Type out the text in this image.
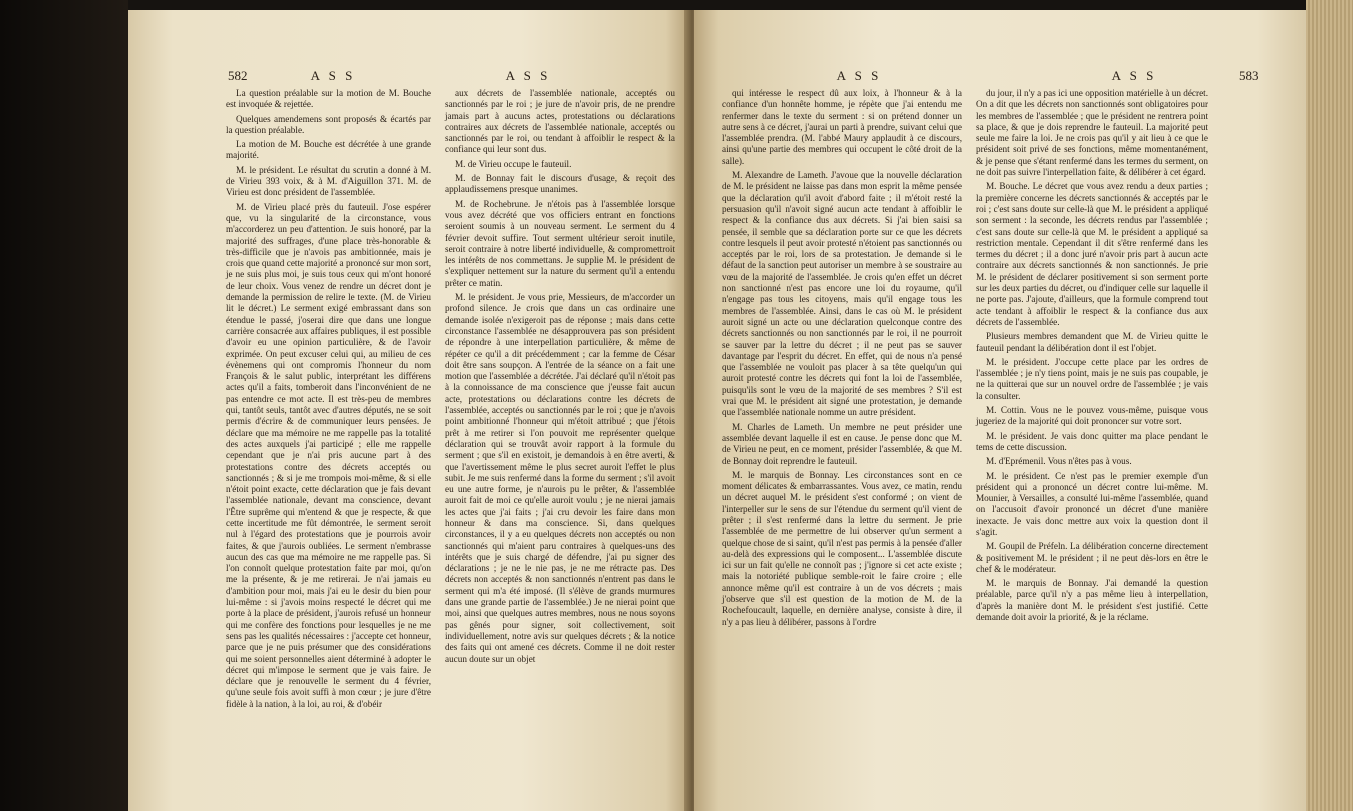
582	A S S	A S S

La question préalable sur la motion de M. Bouche est invoquée & rejettée.

Quelques amendemens sont proposés & écartés par la question préalable.

La motion de M. Bouche est décrétée à une grande majorité.

M. le président. Le résultat du scrutin a donné à M. de Virieu 393 voix, & à M. d'Aiguillon 371. M. de Virieu est donc président de l'assemblée.

M. de Virieu placé près du fauteuil. J'ose espérer que, vu la singularité de la circonstance, vous m'accorderez un peu d'attention. Je suis honoré, par la majorité des suffrages, d'une place très-honorable & très-difficile que je n'avois pas ambitionnée, mais je crois que quand cette majorité a prononcé sur mon sort, je ne suis plus moi, je suis tous ceux qui m'ont honoré de leur choix. Vous venez de rendre un décret dont je demande la permission de relire le texte. (M. de Virieu lit le décret.) Le serment exigé embrassant dans son étendue le passé, j'oserai dire que dans une longue carrière consacrée aux affaires publiques, il est possible d'avoir eu une opinion particulière, & de l'avoir exprimée. On peut excuser celui qui, au milieu de ces évènemens qui ont compromis l'honneur du nom François & le salut public, interprétant les différens actes qu'il a faits, tomberoit dans l'inconvénient de ne pas entendre ce mot acte. Il est très-peu de membres qui, tantôt seuls, tantôt avec d'autres députés, ne se soit permis d'écrire & de communiquer leurs pensées. Je déclare que ma mémoire ne me rappelle pas la totalité des actes auxquels j'ai participé ; elle me rappelle cependant que je n'ai pris aucune part à des protestations contre des décrets acceptés ou sanctionnés ; & si je me trompois moi-même, & si elle n'étoit point exacte, cette déclaration que je fais devant l'assemblée nationale, devant ma conscience, devant l'Être suprême qui m'entend & que je respecte, & que cette incertitude me fût démontrée, le serment seroit nul à l'égard des protestations que je pourrois avoir faites, & que j'aurois oubliées. Le serment n'embrasse aucun des cas que ma mémoire ne me rappelle pas. Si l'on connoît quelque protestation faite par moi, qu'on me la présente, & je me retirerai. Je n'ai jamais eu d'ambition pour moi, mais j'ai eu le desir du bien pour lui-même : si j'avois moins respecté le décret qui me porte à la place de président, j'aurois refusé un honneur qui me confère des fonctions pour lesquelles je ne me sens pas les qualités nécessaires : j'accepte cet honneur, parce que je ne puis présumer que des considérations qui me soient personnelles aient déterminé à adopter le décret qui m'impose le serment que je vais faire. Je déclare que je renouvelle le serment du 4 février, qu'une seule fois avoit suffi à mon cœur ; je jure d'être fidèle à la nation, à la loi, au roi, & d'obéir

aux décrets de l'assemblée nationale, acceptés ou sanctionnés par le roi ; je jure de n'avoir pris, de ne prendre jamais part à aucuns actes, protestations ou déclarations contraires aux décrets de l'assemblée nationale, acceptés ou sanctionnés par le roi, ou tendant à affoiblir le respect & la confiance qui leur sont dus.

M. de Virieu occupe le fauteuil.

M. de Bonnay fait le discours d'usage, & reçoit des applaudissemens presque unanimes.

M. de Rochebrune. Je n'étois pas à l'assemblée lorsque vous avez décrété que vos officiers entrant en fonctions seroient soumis à un nouveau serment. Le serment du 4 février devoit suffire. Tout serment ultérieur seroit inutile, seroit contraire à notre liberté individuelle, & compromettroit les intérêts de nos commettans. Je supplie M. le président de s'expliquer nettement sur la nature du serment qu'il a entendu prêter ce matin.

M. le président. Je vous prie, Messieurs, de m'accorder un profond silence. Je crois que dans un cas ordinaire une demande isolée n'exigeroit pas de réponse ; mais dans cette circonstance l'assemblée ne désapprouvera pas son président de répondre à une interpellation particulière, & même de répéter ce qu'il a dit précédemment ; car la femme de César doit être sans soupçon. A l'entrée de la séance on a fait une motion que l'assemblée a décrétée. J'ai déclaré qu'il n'étoit pas à la connoissance de ma conscience que j'eusse fait aucun acte, protestations ou déclarations contre les décrets de l'assemblée, acceptés ou sanctionnés par le roi ; que je n'avois point ambitionné l'honneur qui m'étoit attribué ; que j'étois prêt à me retirer si l'on pouvoit me représenter quelque déclaration qui se trouvât avoir rapport à la formule du serment ; que s'il en existoit, je demandois à en être averti, & que l'avertissement même le plus secret auroit l'effet le plus subit. Je me suis renfermé dans la forme du serment ; s'il avoit eu une autre forme, je n'aurois pu le prêter, & l'assemblée auroit fait de moi ce qu'elle auroit voulu ; je ne nierai jamais les actes que j'ai faits ; j'ai cru devoir les faire dans mon honneur & dans ma conscience. Si, dans quelques circonstances, il y a eu quelques décrets non acceptés ou non sanctionnés qui m'aient paru contraires à quelques-uns des intérêts que je suis chargé de défendre, j'ai pu signer des déclarations ; je ne le nie pas, je ne me rétracte pas. Des décrets non acceptés & non sanctionnés n'entrent pas dans le serment qui m'a été imposé. (Il s'élève de grands murmures dans une grande partie de l'assemblée.) Je ne nierai point que moi, ainsi que quelques autres membres, nous ne nous soyons pas gênés pour signer, soit collectivement, soit individuellement, notre avis sur quelques décrets ; & la notice des faits qui ont amené ces décrets. Comme il ne doit rester aucun doute sur un objet

A S S	A S S	583

qui intéresse le respect dû aux loix, à l'honneur & à la confiance d'un honnête homme, je répète que j'ai entendu me renfermer dans le texte du serment : si on prétend donner un autre sens à ce décret, j'aurai un parti à prendre, suivant celui que l'assemblée prendra. (M. l'abbé Maury applaudit à ce discours, ainsi qu'une partie des membres qui occupent le côté droit de la salle).

M. Alexandre de Lameth. J'avoue que la nouvelle déclaration de M. le président ne laisse pas dans mon esprit la même pensée que la déclaration qu'il avoit d'abord faite ; il m'étoit resté la persuasion qu'il n'avoit signé aucun acte tendant à affoiblir le respect & la confiance dus aux décrets. Si j'ai bien saisi sa pensée, il semble que sa déclaration porte sur ce que les décrets contre lesquels il peut avoir protesté n'étoient pas sanctionnés ou acceptés par le roi, lors de sa protestation. Je demande si le défaut de la sanction peut autoriser un membre à se soustraire au vœu de la majorité de l'assemblée. Je crois qu'en effet un décret non sanctionné n'est pas encore une loi du royaume, qu'il n'engage pas tous les citoyens, mais qu'il engage tous les membres de l'assemblée. Ainsi, dans le cas où M. le président auroit signé un acte ou une déclaration quelconque contre des décrets sanctionnés ou non sanctionnés par le roi, il ne pourroit se sauver par la lettre du décret ; il ne peut pas se sauver davantage par l'esprit du décret. En effet, qui de nous n'a pensé que l'assemblée ne vouloit pas placer à sa tête quelqu'un qui auroit protesté contre les décrets qui font la loi de l'assemblée, puisqu'ils sont le vœu de la majorité de ses membres ? S'il est vrai que M. le président ait signé une protestation, je demande que l'assemblée nationale nomme un autre président.

M. Charles de Lameth. Un membre ne peut présider une assemblée devant laquelle il est en cause. Je pense donc que M. de Virieu ne peut, en ce moment, présider l'assemblée, & que M. de Bonnay doit reprendre le fauteuil.

M. le marquis de Bonnay. Les circonstances sont en ce moment délicates & embarrassantes. Vous avez, ce matin, rendu un décret auquel M. le président s'est conformé ; on vient de l'interpeller sur le sens de sur l'étendue du serment qu'il vient de prêter ; il s'est renfermé dans la lettre du serment. Je prie l'assemblée de me permettre de lui observer qu'un serment a quelque chose de si saint, qu'il n'est pas permis à la pensée d'aller au-delà des expressions qui le composent... L'assemblée discute ici sur un fait qu'elle ne connoît pas ; j'ignore si cet acte existe ; mais la notoriété publique semble-roit le faire croire ; elle annonce même qu'il est contraire à un de vos décrets ; mais j'observe que s'il est question de la motion de M. de la Rochefoucault, laquelle, en dernière analyse, consiste à dire, il n'y a pas lieu à délibérer, passons à l'ordre

du jour, il n'y a pas ici une opposition matérielle à un décret. On a dit que les décrets non sanctionnés sont obligatoires pour les membres de l'assemblée ; que le président ne rentrera point sa place, & que je dois reprendre le fauteuil. La majorité peut seule me faire la loi. Je ne crois pas qu'il y ait lieu à ce que le président soit privé de ses fonctions, même momentanément, & je pense que s'étant renfermé dans les termes du serment, on ne doit pas suivre l'interpellation faite, & délibérer à cet égard.

M. Bouche. Le décret que vous avez rendu a deux parties ; la première concerne les décrets sanctionnés & acceptés par le roi ; c'est sans doute sur celle-là que M. le président a appliqué son serment : la seconde, les décrets rendus par l'assemblée ; c'est sans doute sur celle-là que M. le président a appliqué sa restriction mentale. Cependant il dit s'être renfermé dans les termes du décret ; il a donc juré n'avoir pris part à aucun acte contraire aux décrets sanctionnés & non sanctionnés. Je prie M. le président de déclarer positivement si son serment porte sur les deux parties du décret, ou d'indiquer celle sur laquelle il ne porte pas. J'ajoute, d'ailleurs, que la formule comprend tout acte tendant à affoiblir le respect & la confiance dus aux décrets de l'assemblée.

Plusieurs membres demandent que M. de Virieu quitte le fauteuil pendant la délibération dont il est l'objet.

M. le président. J'occupe cette place par les ordres de l'assemblée ; je n'y tiens point, mais je ne suis pas coupable, je ne la quitterai que sur un nouvel ordre de l'assemblée ; je vais la consulter.

M. Cottin. Vous ne le pouvez vous-même, puisque vous jugeriez de la majorité qui doit prononcer sur votre sort.

M. le président. Je vais donc quitter ma place pendant le tems de cette discussion.

M. d'Eprémenil. Vous n'êtes pas à vous.

M. le président. Ce n'est pas le premier exemple d'un président qui a prononcé un décret contre lui-même. M. Mounier, à Versailles, a consulté lui-même l'assemblée, quand on l'accusoit d'avoir prononcé un décret d'une manière inexacte. Je vais donc mettre aux voix la question dont il s'agit.

M. Goupil de Préfeln. La délibération concerne directement & positivement M. le président ; il ne peut dès-lors en être le chef & le modérateur.

M. le marquis de Bonnay. J'ai demandé la question préalable, parce qu'il n'y a pas même lieu à interpellation, d'après la manière dont M. le président s'est justifié. Cette demande doit avoir la priorité, & je la réclame.
